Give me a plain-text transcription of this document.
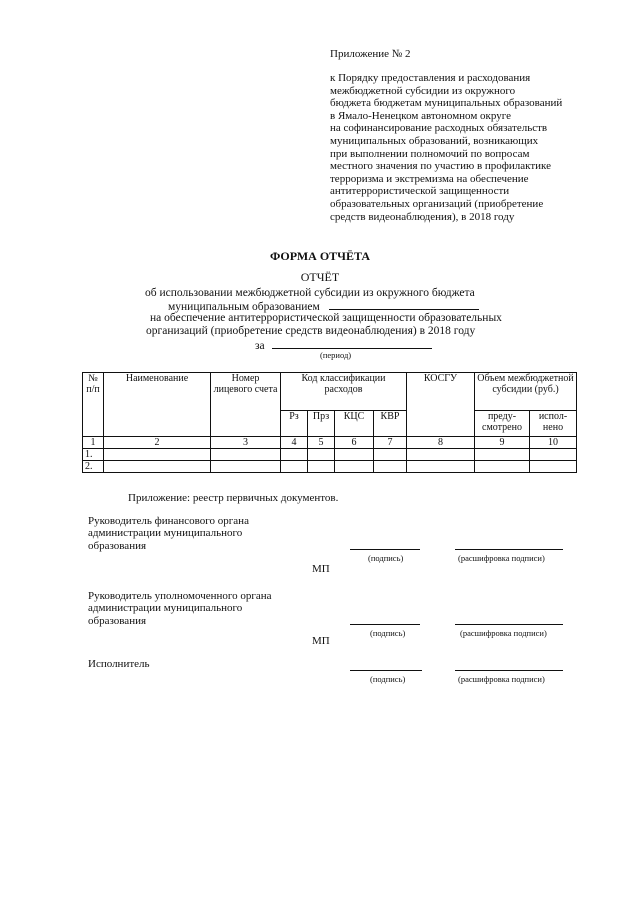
Приложение № 2
к Порядку предоставления и расходования
межбюджетной субсидии из окружного
бюджета бюджетам муниципальных образований
в Ямало-Ненецком автономном округе
на софинансирование расходных обязательств
муниципальных образований, возникающих
при выполнении полномочий по вопросам
местного значения по участию в профилактике
терроризма и экстремизма на обеспечение
антитеррористической защищенности
образовательных организаций (приобретение
средств видеонаблюдения), в 2018 году
ФОРМА ОТЧЁТА
ОТЧЁТ
об использовании межбюджетной субсидии из окружного бюджета
муниципальным образованием
на обеспечение антитеррористической защищенности образовательных
организаций (приобретение средств видеонаблюдения) в 2018 году
за
(период)
№ п/п	Наименование	Номер лицевого счета	Код классификации расходов				КОСГУ	Объем межбюджетной субсидии (руб.)	
			Рз	Прз	КЦС	КВР		преду-смотрено	испол-нено
1	2	3	4	5	6	7	8	9	10
1.									
2.									
Приложение: реестр первичных документов.
Руководитель финансового органа
администрации муниципального
образования
(подпись)	(расшифровка подписи)
МП
Руководитель уполномоченного органа
администрации муниципального
образования
(подпись)	(расшифровка подписи)
МП
Исполнитель
(подпись)	(расшифровка подписи)
